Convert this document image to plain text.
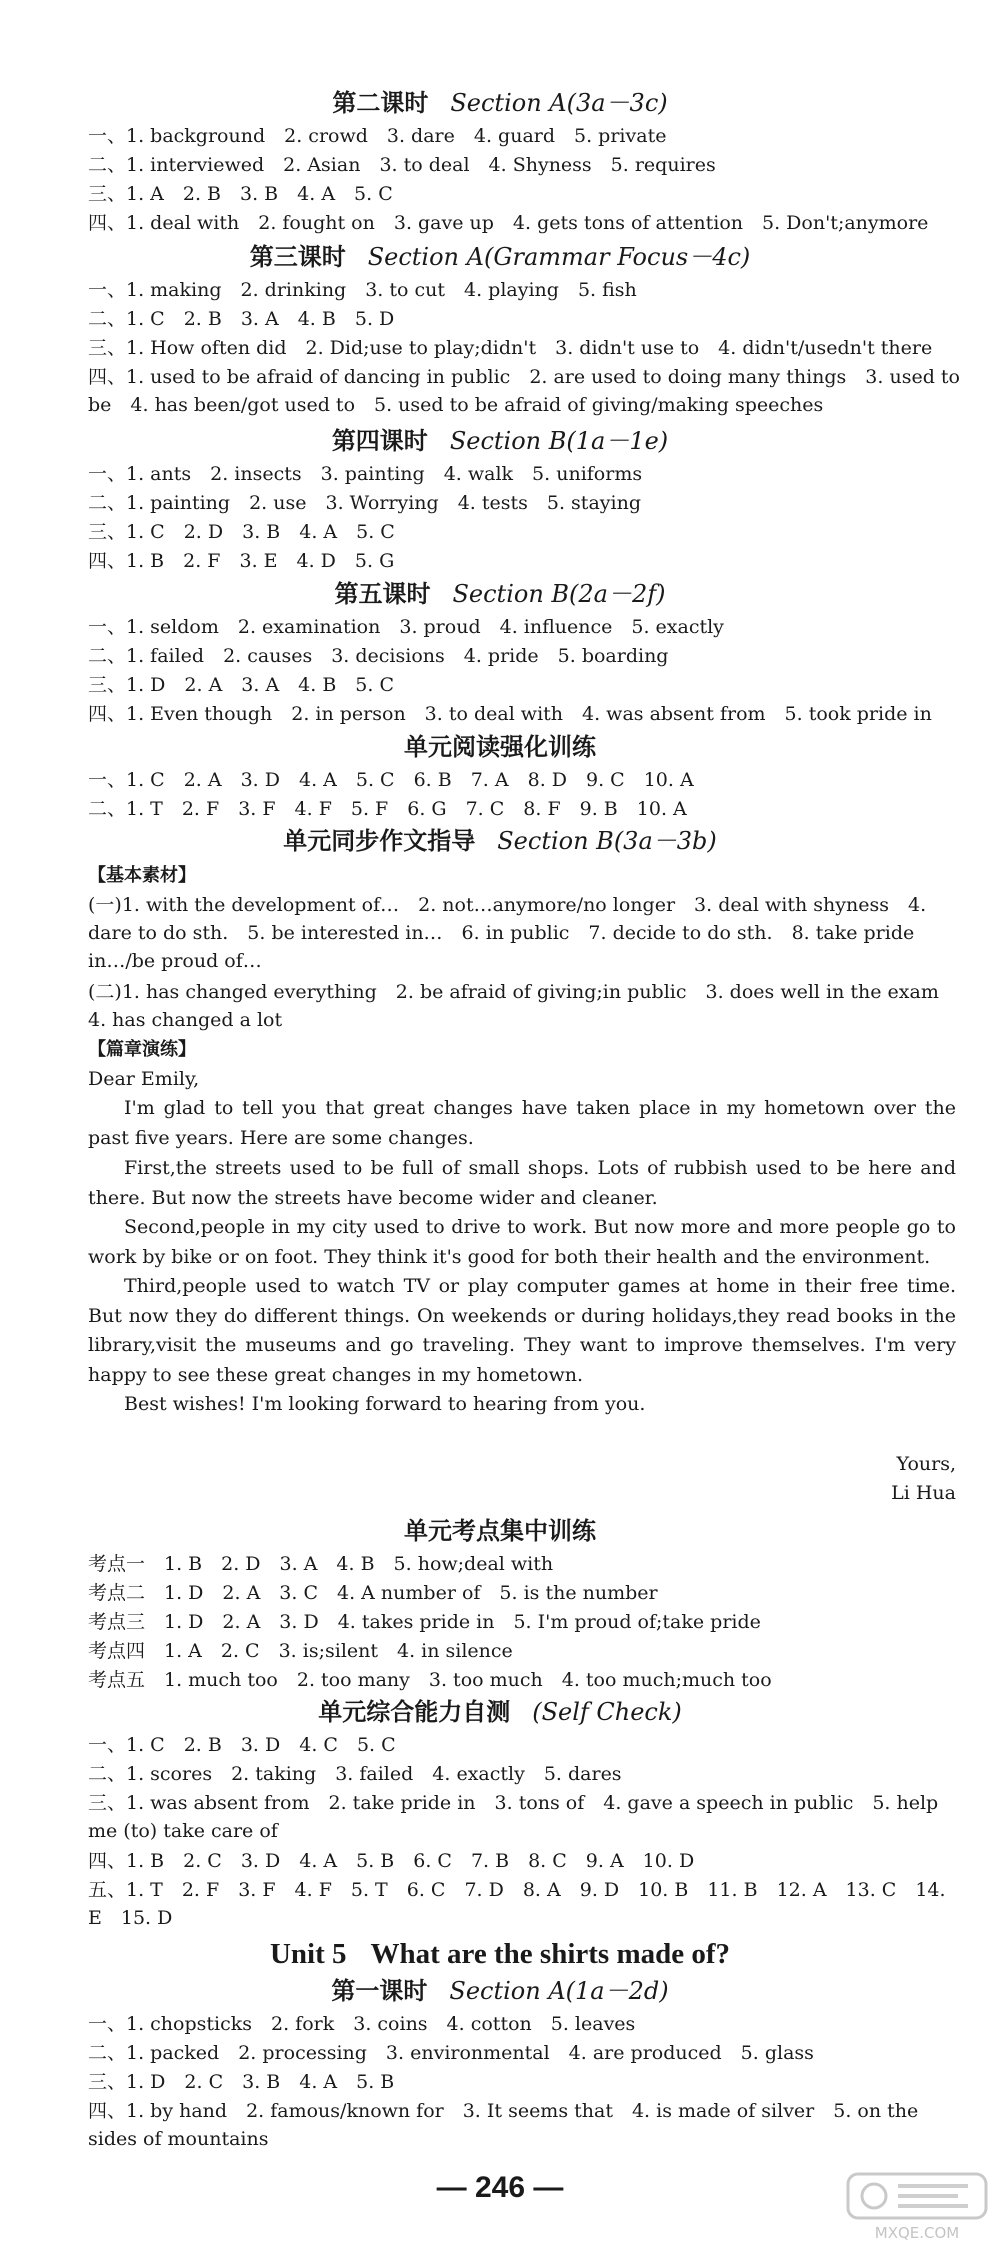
第二课时 Section A(3a－3c)
一、1. background　2. crowd　3. dare　4. guard　5. private
二、1. interviewed　2. Asian　3. to deal　4. Shyness　5. requires
三、1. A　2. B　3. B　4. A　5. C
四、1. deal with　2. fought on　3. gave up　4. gets tons of attention　5. Don't;anymore
第三课时 Section A(Grammar Focus－4c)
一、1. making　2. drinking　3. to cut　4. playing　5. fish
二、1. C　2. B　3. A　4. B　5. D
三、1. How often did　2. Did;use to play;didn't　3. didn't use to　4. didn't/usedn't there
四、1. used to be afraid of dancing in public　2. are used to doing many things　3. used to be　4. has been/got used to　5. used to be afraid of giving/making speeches
第四课时 Section B(1a－1e)
一、1. ants　2. insects　3. painting　4. walk　5. uniforms
二、1. painting　2. use　3. Worrying　4. tests　5. staying
三、1. C　2. D　3. B　4. A　5. C
四、1. B　2. F　3. E　4. D　5. G
第五课时 Section B(2a－2f)
一、1. seldom　2. examination　3. proud　4. influence　5. exactly
二、1. failed　2. causes　3. decisions　4. pride　5. boarding
三、1. D　2. A　3. A　4. B　5. C
四、1. Even though　2. in person　3. to deal with　4. was absent from　5. took pride in
单元阅读强化训练
一、1. C　2. A　3. D　4. A　5. C　6. B　7. A　8. D　9. C　10. A
二、1. T　2. F　3. F　4. F　5. F　6. G　7. C　8. F　9. B　10. A
单元同步作文指导 Section B(3a－3b)
【基本素材】
(一)1. with the development of…　2. not…anymore/no longer　3. deal with shyness　4. dare to do sth.　5. be interested in…　6. in public　7. decide to do sth.　8. take pride in…/be proud of…
(二)1. has changed everything　2. be afraid of giving;in public　3. does well in the exam　4. has changed a lot
【篇章演练】
Dear Emily,
I'm glad to tell you that great changes have taken place in my hometown over the past five years. Here are some changes.
First,the streets used to be full of small shops. Lots of rubbish used to be here and there. But now the streets have become wider and cleaner.
Second,people in my city used to drive to work. But now more and more people go to work by bike or on foot. They think it's good for both their health and the environment.
Third,people used to watch TV or play computer games at home in their free time. But now they do different things. On weekends or during holidays,they read books in the library,visit the museums and go traveling. They want to improve themselves. I'm very happy to see these great changes in my hometown.
Best wishes! I'm looking forward to hearing from you.
Yours,
Li Hua
单元考点集中训练
考点一　1. B　2. D　3. A　4. B　5. how;deal with
考点二　1. D　2. A　3. C　4. A number of　5. is the number
考点三　1. D　2. A　3. D　4. takes pride in　5. I'm proud of;take pride
考点四　1. A　2. C　3. is;silent　4. in silence
考点五　1. much too　2. too many　3. too much　4. too much;much too
单元综合能力自测 (Self Check)
一、1. C　2. B　3. D　4. C　5. C
二、1. scores　2. taking　3. failed　4. exactly　5. dares
三、1. was absent from　2. take pride in　3. tons of　4. gave a speech in public　5. help me (to) take care of
四、1. B　2. C　3. D　4. A　5. B　6. C　7. B　8. C　9. A　10. D
五、1. T　2. F　3. F　4. F　5. T　6. C　7. D　8. A　9. D　10. B　11. B　12. A　13. C　14. E　15. D
Unit 5 What are the shirts made of?
第一课时 Section A(1a－2d)
一、1. chopsticks　2. fork　3. coins　4. cotton　5. leaves
二、1. packed　2. processing　3. environmental　4. are produced　5. glass
三、1. D　2. C　3. B　4. A　5. B
四、1. by hand　2. famous/known for　3. It seems that　4. is made of silver　5. on the sides of mountains
— 246 —
MXQE.COM
